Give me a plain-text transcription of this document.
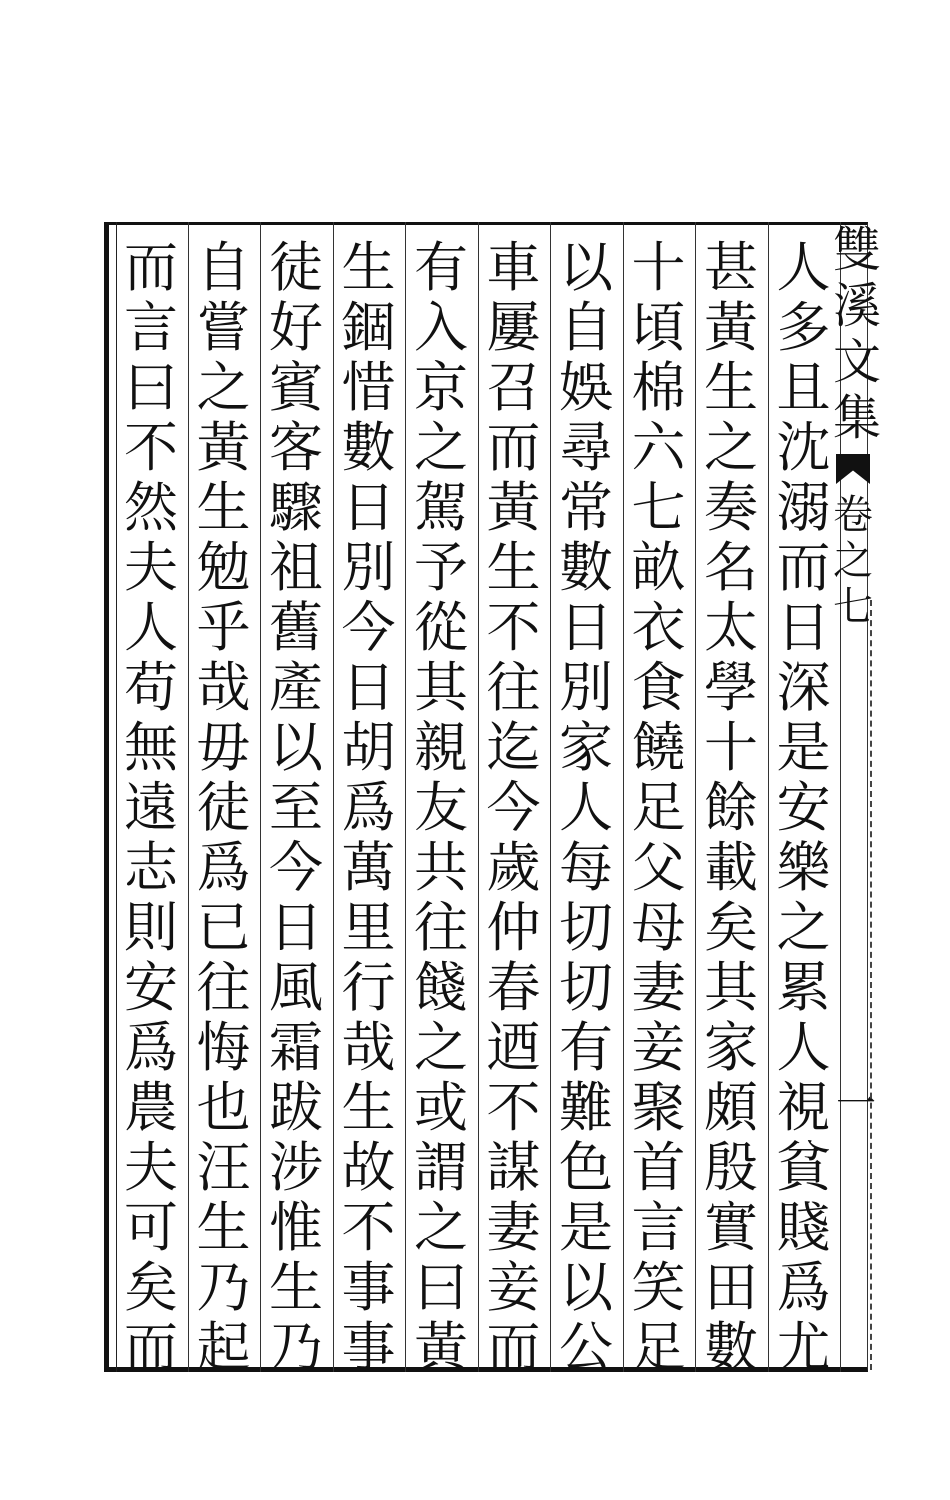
人
多
且
沈
溺
而
日
深
是
安
樂
之
累
人
視
貧
賤
爲
尤
甚
黃
生
之
奏
名
太
學
十
餘
載
矣
其
家
頗
殷
實
田
數
十
頃
棉
六
七
畝
衣
食
饒
足
父
母
妻
妾
聚
首
言
笑
足
以
自
娛
尋
常
數
日
別
家
人
每
切
切
有
難
色
是
以
公
車
屢
召
而
黃
生
不
往
迄
今
歲
仲
春
迺
不
謀
妻
妾
而
有
入
京
之
駕
予
從
其
親
友
共
往
餞
之
或
謂
之
曰
黃
生
錮
惜
數
日
別
今
日
胡
爲
萬
里
行
哉
生
故
不
事
事
徒
好
賓
客
驟
祖
舊
產
以
至
今
日
風
霜
跋
涉
惟
生
乃
自
嘗
之
黃
生
勉
乎
哉
毋
徒
爲
已
往
悔
也
汪
生
乃
起
而
言
曰
不
然
夫
人
苟
無
遠
志
則
安
爲
農
夫
可
矣
而
雙
溪
文
集
卷
之
七
一
